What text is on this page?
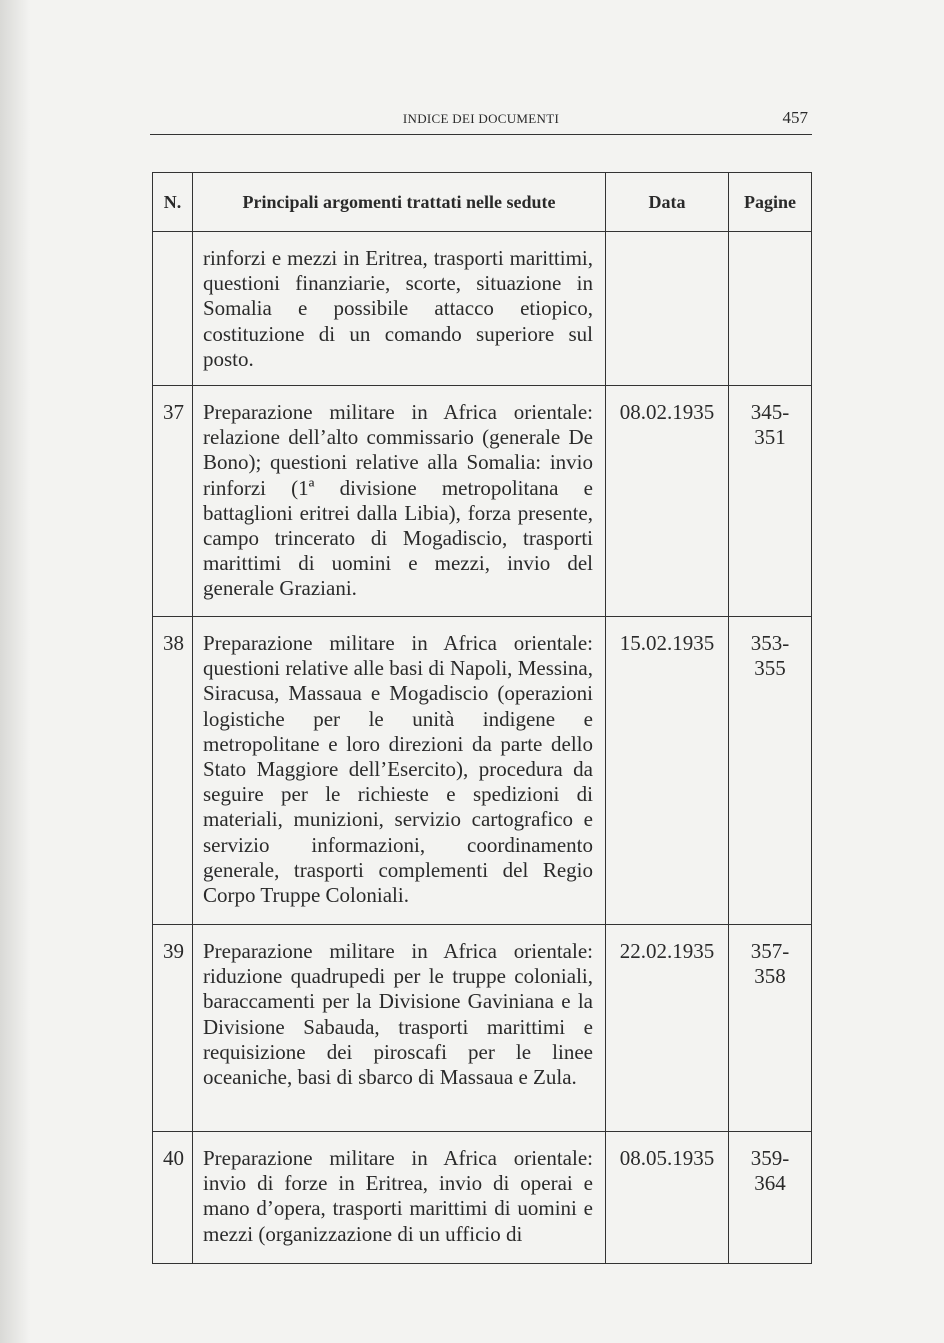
INDICE DEI DOCUMENTI	457
N.	Principali argomenti trattati nelle sedute	Data	Pagine
	rinforzi e mezzi in Eritrea, trasporti marittimi, questioni finanziarie, scorte, situazione in Somalia e possibile attacco etiopico, costituzione di un comando superiore sul posto.		

37	Preparazione militare in Africa orientale: relazione dell’alto commissario (generale De Bono); questioni relative alla Somalia: invio rinforzi (1ª divisione metropolitana e battaglioni eritrei dalla Libia), forza presente, campo trincerato di Mogadiscio, trasporti marittimi di uomini e mezzi, invio del generale Graziani.	08.02.1935	345-
351

38	Preparazione militare in Africa orientale: questioni relative alle basi di Napoli, Messina, Siracusa, Massaua e Mogadiscio (operazioni logistiche per le unità indigene e metropolitane e loro direzioni da parte dello Stato Maggiore dell’Esercito), procedura da seguire per le richieste e spedizioni di materiali, munizioni, servizio cartografico e servizio informazioni, coordinamento generale, trasporti complementi del Regio Corpo Truppe Coloniali.	15.02.1935	353-
355

39	Preparazione militare in Africa orientale: riduzione quadrupedi per le truppe coloniali, baraccamenti per la Divisione Gaviniana e la Divisione Sabauda, trasporti marittimi e requisizione dei piroscafi per le linee oceaniche, basi di sbarco di Massaua e Zula.	22.02.1935	357-
358

40	Preparazione militare in Africa orientale: invio di forze in Eritrea, invio di operai e mano d’opera, trasporti marittimi di uomini e mezzi (organizzazione di un ufficio di	08.05.1935	359-
364
